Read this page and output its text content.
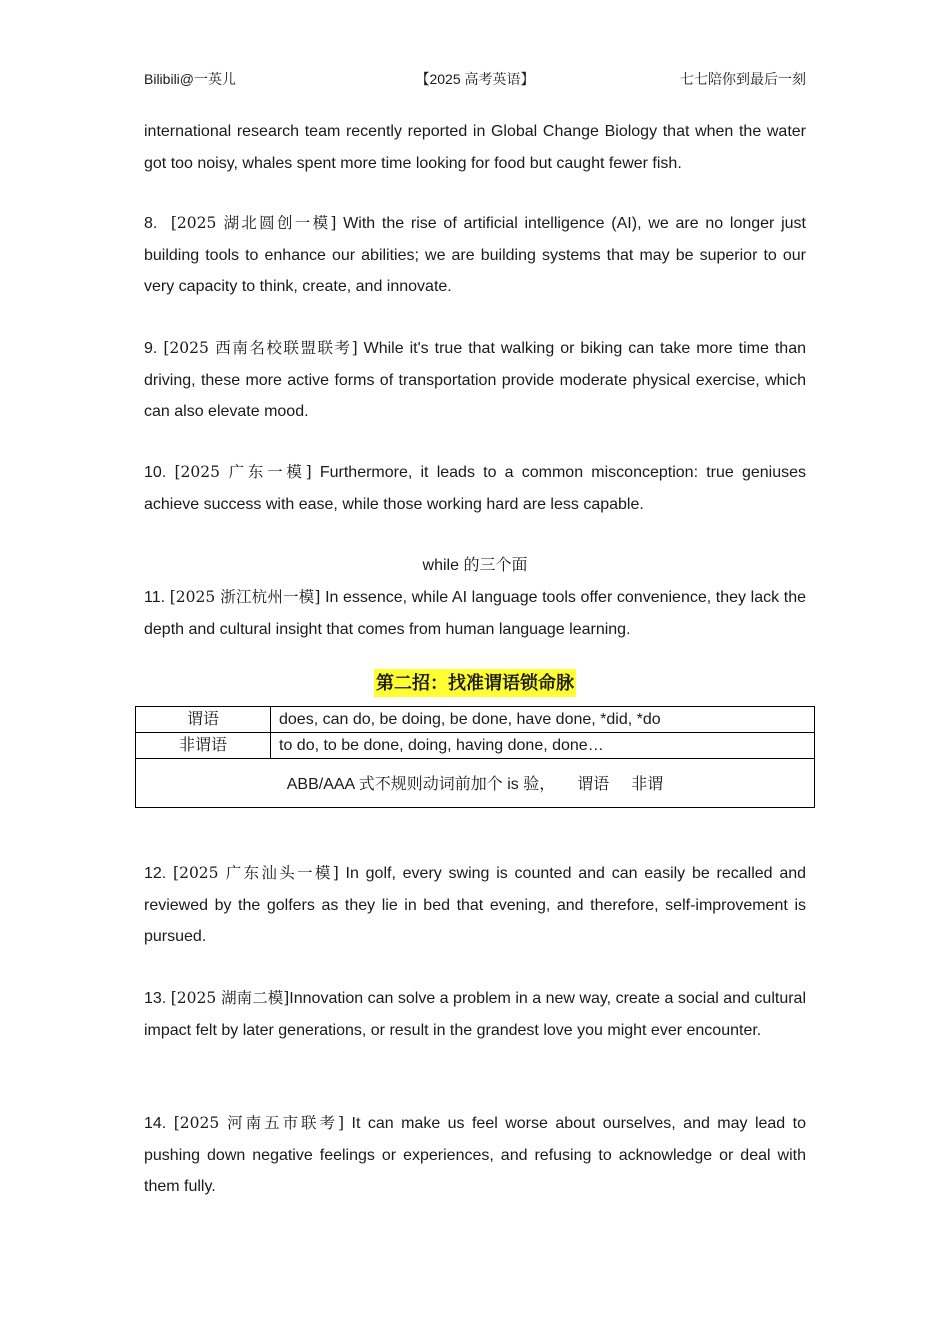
Bilibili@一英儿	【2025 高考英语】	七七陪你到最后一刻
international research team recently reported in Global Change Biology that when the water got too noisy, whales spent more time looking for food but caught fewer fish.
8. [2025 湖北圆创一模] With the rise of artificial intelligence (AI), we are no longer just building tools to enhance our abilities; we are building systems that may be superior to our very capacity to think, create, and innovate.
9. [2025 西南名校联盟联考] While it's true that walking or biking can take more time than driving, these more active forms of transportation provide moderate physical exercise, which can also elevate mood.
10. [2025 广东一模] Furthermore, it leads to a common misconception: true geniuses achieve success with ease, while those working hard are less capable.
while 的三个面
11. [2025 浙江杭州一模] In essence, while AI language tools offer convenience, they lack the depth and cultural insight that comes from human language learning.
第二招：找准谓语锁命脉
谓语	does, can do, be doing, be done, have done, *did, *do
非谓语	to do, to be done, doing, having done, done…
ABB/AAA 式不规则动词前加个 is 验， 谓语 非谓
12. [2025 广东汕头一模] In golf, every swing is counted and can easily be recalled and reviewed by the golfers as they lie in bed that evening, and therefore, self-improvement is pursued.
13. [2025 湖南二模]Innovation can solve a problem in a new way, create a social and cultural impact felt by later generations, or result in the grandest love you might ever encounter.
14. [2025 河南五市联考] It can make us feel worse about ourselves, and may lead to pushing down negative feelings or experiences, and refusing to acknowledge or deal with them fully.
